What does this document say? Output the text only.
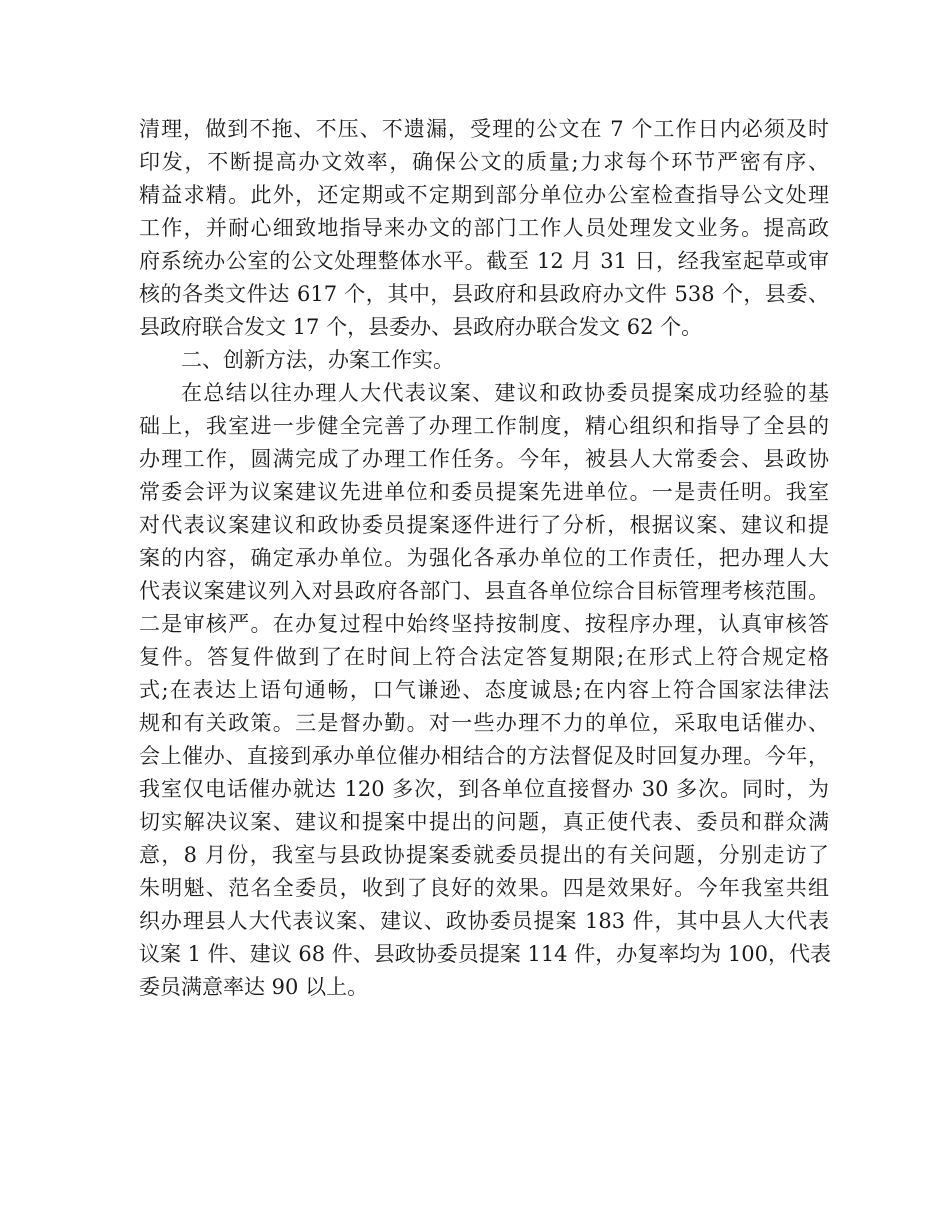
清理，做到不拖、不压、不遗漏，受理的公文在 7 个工作日内必须及时
印发，不断提高办文效率，确保公文的质量;力求每个环节严密有序、
精益求精。此外，还定期或不定期到部分单位办公室检查指导公文处理
工作，并耐心细致地指导来办文的部门工作人员处理发文业务。提高政
府系统办公室的公文处理整体水平。截至 12 月 31 日，经我室起草或审
核的各类文件达 617 个，其中，县政府和县政府办文件 538 个，县委、
县政府联合发文 17 个，县委办、县政府办联合发文 62 个。
二、创新方法，办案工作实。
在总结以往办理人大代表议案、建议和政协委员提案成功经验的基
础上，我室进一步健全完善了办理工作制度，精心组织和指导了全县的
办理工作，圆满完成了办理工作任务。今年，被县人大常委会、县政协
常委会评为议案建议先进单位和委员提案先进单位。一是责任明。我室
对代表议案建议和政协委员提案逐件进行了分析，根据议案、建议和提
案的内容，确定承办单位。为强化各承办单位的工作责任，把办理人大
代表议案建议列入对县政府各部门、县直各单位综合目标管理考核范围。
二是审核严。在办复过程中始终坚持按制度、按程序办理，认真审核答
复件。答复件做到了在时间上符合法定答复期限;在形式上符合规定格
式;在表达上语句通畅，口气谦逊、态度诚恳;在内容上符合国家法律法
规和有关政策。三是督办勤。对一些办理不力的单位，采取电话催办、
会上催办、直接到承办单位催办相结合的方法督促及时回复办理。今年，
我室仅电话催办就达 120 多次，到各单位直接督办 30 多次。同时，为
切实解决议案、建议和提案中提出的问题，真正使代表、委员和群众满
意，8 月份，我室与县政协提案委就委员提出的有关问题，分别走访了
朱明魁、范名全委员，收到了良好的效果。四是效果好。今年我室共组
织办理县人大代表议案、建议、政协委员提案 183 件，其中县人大代表
议案 1 件、建议 68 件、县政协委员提案 114 件，办复率均为 100，代表
委员满意率达 90 以上。
